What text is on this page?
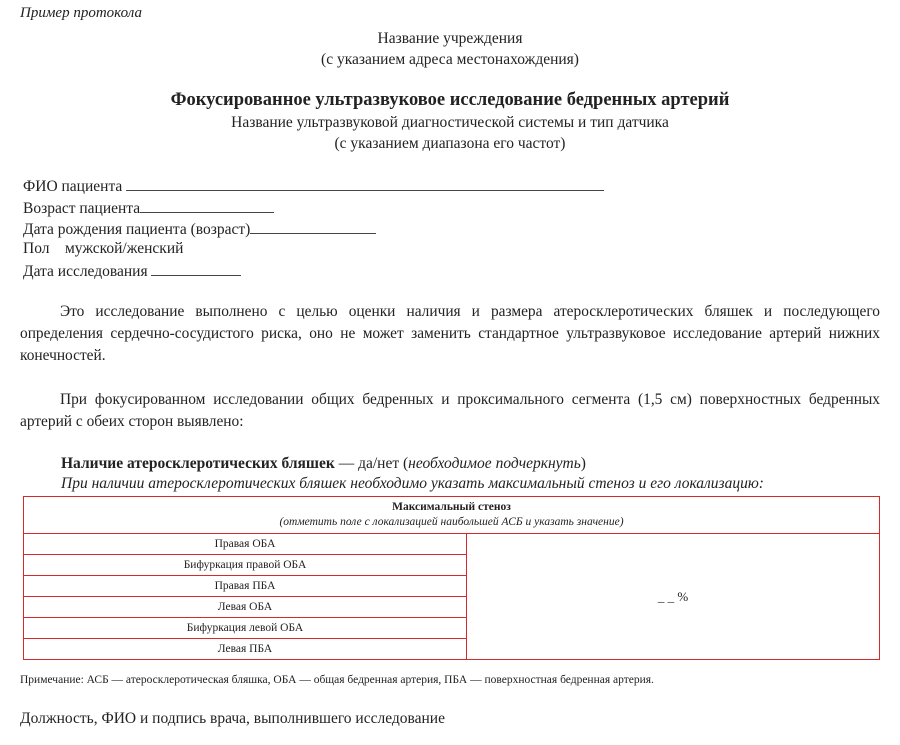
Пример протокола
Название учреждения
(с указанием адреса местонахождения)
Фокусированное ультразвуковое исследование бедренных артерий
Название ультразвуковой диагностической системы и тип датчика
(с указанием диапазона его частот)
ФИО пациента
Возраст пациента
Дата рождения пациента (возраст)
Пол    мужской/женский
Дата исследования
Это исследование выполнено с целью оценки наличия и размера атеросклеротических бляшек и последующего определения сердечно-сосудистого риска, оно не может заменить стандартное ультразвуковое исследование артерий нижних конечностей.
При фокусированном исследовании общих бедренных и проксимального сегмента (1,5 см) поверхностных бедренных артерий с обеих сторон выявлено:
Наличие атеросклеротических бляшек — да/нет (необходимое подчеркнуть)
При наличии атеросклеротических бляшек необходимо указать максимальный стеноз и его локализацию:
Максимальный стеноз
(отметить поле с локализацией наибольшей АСБ и указать значение)

Правая ОБА	_ _ %
Бифуркация правой ОБА
Правая ПБА
Левая ОБА
Бифуркация левой ОБА
Левая ПБА
Примечание: АСБ — атеросклеротическая бляшка, ОБА — общая бедренная артерия, ПБА — поверхностная бедренная артерия.
Должность, ФИО и подпись врача, выполнившего исследование
